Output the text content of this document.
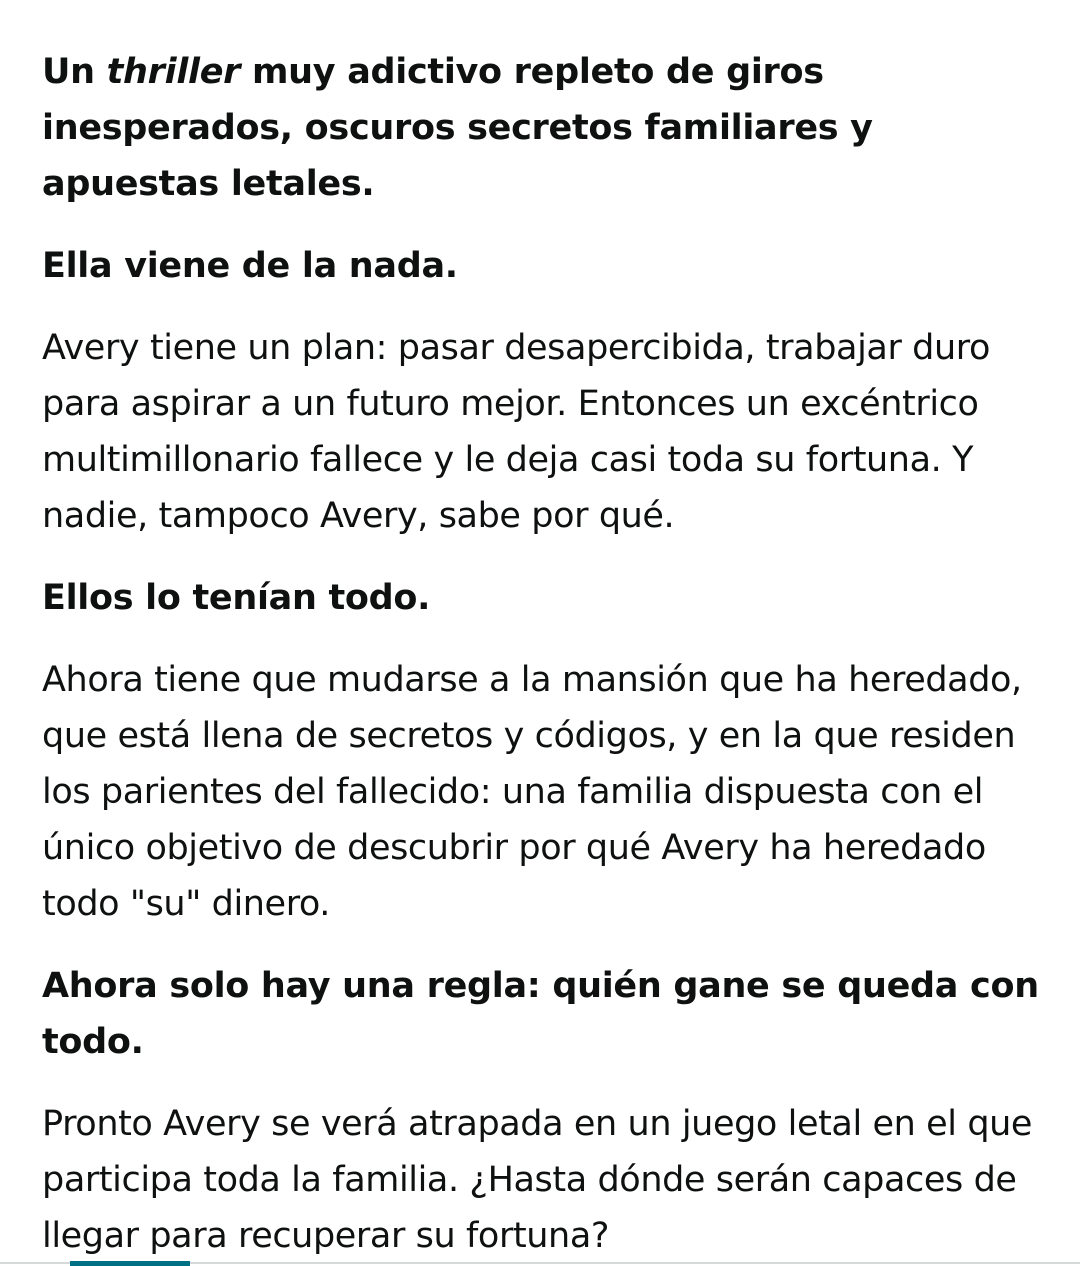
Un thriller muy adictivo repleto de giros inesperados, oscuros secretos familiares y apuestas letales.

Ella viene de la nada.

Avery tiene un plan: pasar desapercibida, trabajar duro para aspirar a un futuro mejor. Entonces un excéntrico multimillonario fallece y le deja casi toda su fortuna. Y nadie, tampoco Avery, sabe por qué.

Ellos lo tenían todo.

Ahora tiene que mudarse a la mansión que ha heredado, que está llena de secretos y códigos, y en la que residen los parientes del fallecido: una familia dispuesta con el único objetivo de descubrir por qué Avery ha heredado todo "su" dinero.

Ahora solo hay una regla: quién gane se queda con todo.

Pronto Avery se verá atrapada en un juego letal en el que participa toda la familia. ¿Hasta dónde serán capaces de llegar para recuperar su fortuna?
